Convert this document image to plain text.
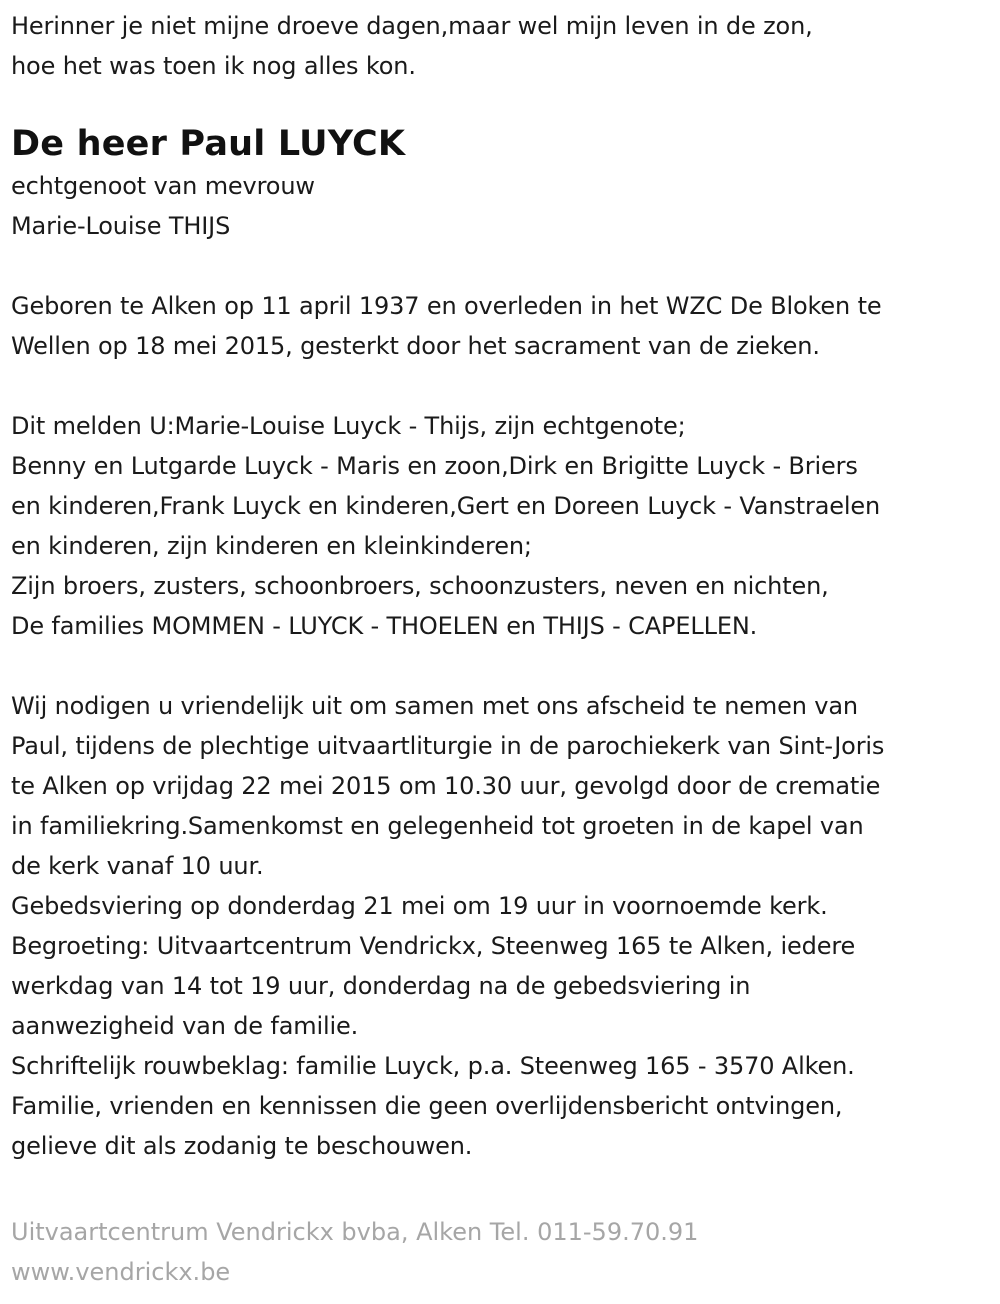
Herinner je niet mijne droeve dagen,maar wel mijn leven in de zon,
hoe het was toen ik nog alles kon.
De heer Paul LUYCK
echtgenoot van mevrouw
Marie-Louise THIJS
Geboren te Alken op 11 april 1937 en overleden in het WZC De Bloken te
Wellen op 18 mei 2015, gesterkt door het sacrament van de zieken.
Dit melden U:Marie-Louise Luyck - Thijs, zijn echtgenote;
Benny en Lutgarde Luyck - Maris en zoon,Dirk en Brigitte Luyck - Briers
en kinderen,Frank Luyck en kinderen,Gert en Doreen Luyck - Vanstraelen
en kinderen, zijn kinderen en kleinkinderen;
Zijn broers, zusters, schoonbroers, schoonzusters, neven en nichten,
De families MOMMEN - LUYCK - THOELEN en THIJS - CAPELLEN.
Wij nodigen u vriendelijk uit om samen met ons afscheid te nemen van
Paul, tijdens de plechtige uitvaartliturgie in de parochiekerk van Sint-Joris
te Alken op vrijdag 22 mei 2015 om 10.30 uur, gevolgd door de crematie
in familiekring.Samenkomst en gelegenheid tot groeten in de kapel van
de kerk vanaf 10 uur.
Gebedsviering op donderdag 21 mei om 19 uur in voornoemde kerk.
Begroeting: Uitvaartcentrum Vendrickx, Steenweg 165 te Alken, iedere
werkdag van 14 tot 19 uur, donderdag na de gebedsviering in
aanwezigheid van de familie.
Schriftelijk rouwbeklag: familie Luyck, p.a. Steenweg 165 - 3570 Alken.
Familie, vrienden en kennissen die geen overlijdensbericht ontvingen,
gelieve dit als zodanig te beschouwen.
Uitvaartcentrum Vendrickx bvba, Alken Tel. 011-59.70.91
www.vendrickx.be
